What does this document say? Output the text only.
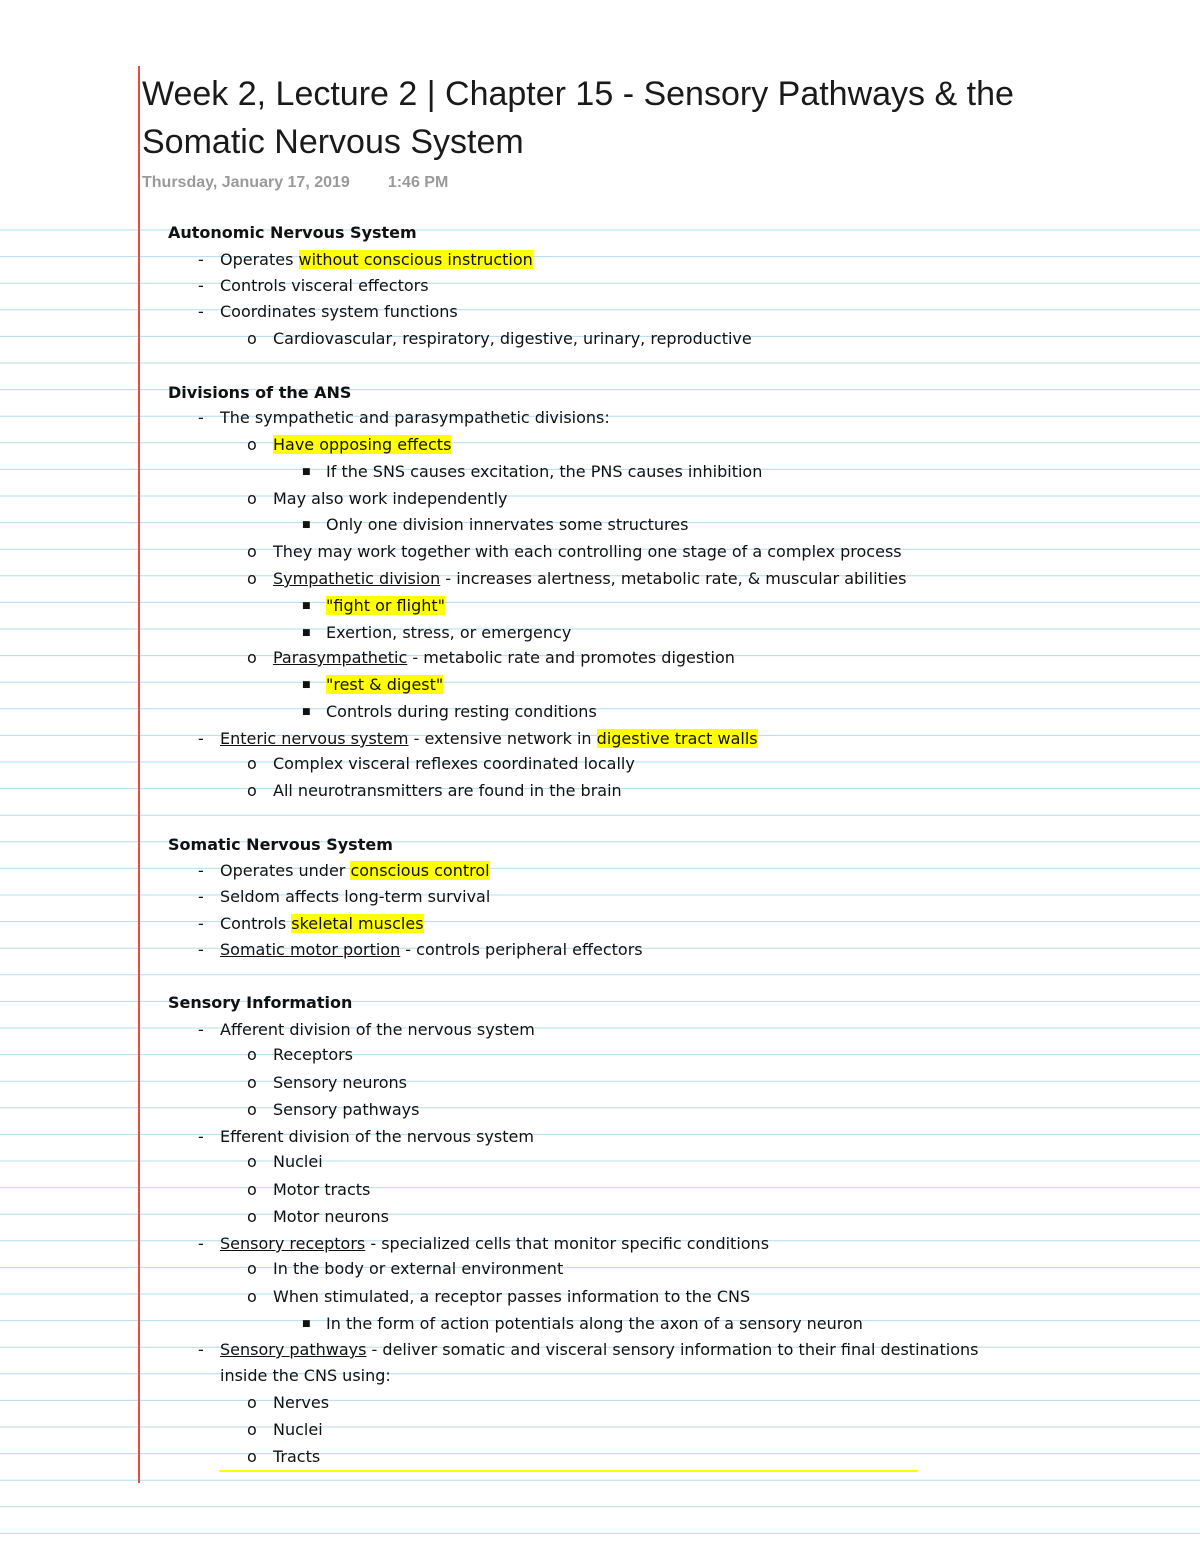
Week 2, Lecture 2 | Chapter 15 - Sensory Pathways & the Somatic Nervous System
Thursday, January 17, 2019 1:46 PM
Autonomic Nervous System
- Operates without conscious instruction
- Controls visceral effectors
- Coordinates system functions
o Cardiovascular, respiratory, digestive, urinary, reproductive
Divisions of the ANS
- The sympathetic and parasympathetic divisions:
o Have opposing effects
■ If the SNS causes excitation, the PNS causes inhibition
o May also work independently
■ Only one division innervates some structures
o They may work together with each controlling one stage of a complex process
o Sympathetic division - increases alertness, metabolic rate, & muscular abilities
■ "fight or flight"
■ Exertion, stress, or emergency
o Parasympathetic - metabolic rate and promotes digestion
■ "rest & digest"
■ Controls during resting conditions
- Enteric nervous system - extensive network in digestive tract walls
o Complex visceral reflexes coordinated locally
o All neurotransmitters are found in the brain
Somatic Nervous System
- Operates under conscious control
- Seldom affects long-term survival
- Controls skeletal muscles
- Somatic motor portion - controls peripheral effectors
Sensory Information
- Afferent division of the nervous system
o Receptors
o Sensory neurons
o Sensory pathways
- Efferent division of the nervous system
o Nuclei
o Motor tracts
o Motor neurons
- Sensory receptors - specialized cells that monitor specific conditions
o In the body or external environment
o When stimulated, a receptor passes information to the CNS
■ In the form of action potentials along the axon of a sensory neuron
- Sensory pathways - deliver somatic and visceral sensory information to their final destinations
inside the CNS using:
o Nerves
o Nuclei
o Tracts
